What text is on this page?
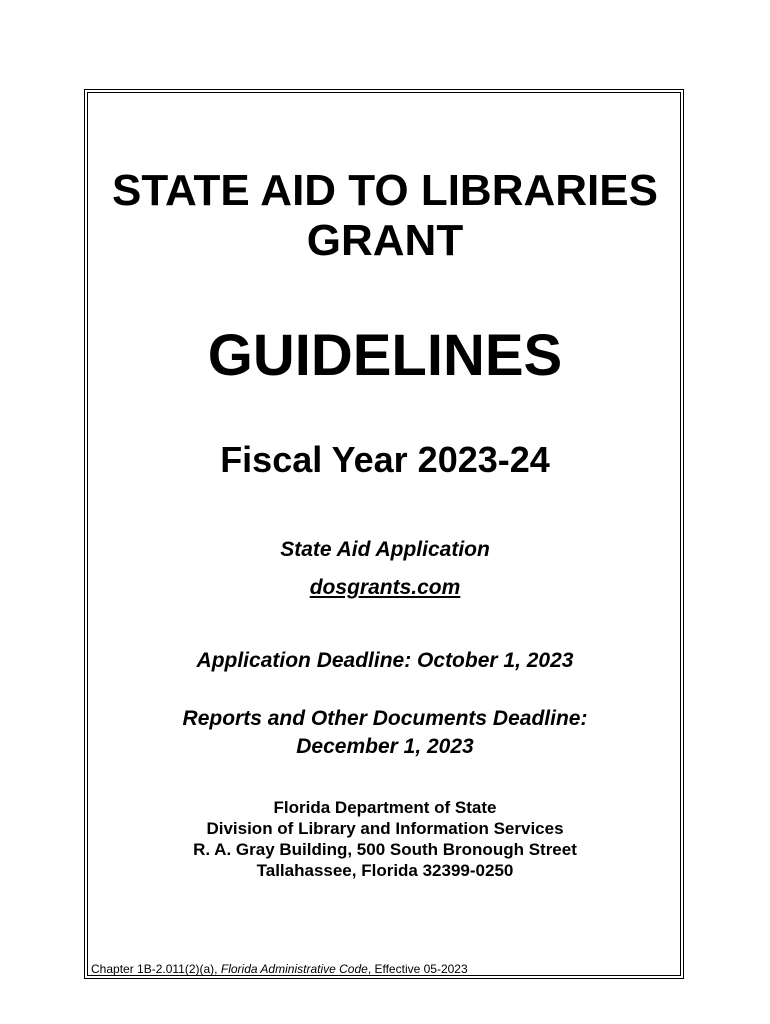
STATE AID TO LIBRARIES
GRANT
GUIDELINES
Fiscal Year 2023-24
State Aid Application
dosgrants.com
Application Deadline: October 1, 2023
Reports and Other Documents Deadline:
December 1, 2023
Florida Department of State
Division of Library and Information Services
R. A. Gray Building, 500 South Bronough Street
Tallahassee, Florida 32399-0250
Chapter 1B-2.011(2)(a), Florida Administrative Code, Effective 05-2023
